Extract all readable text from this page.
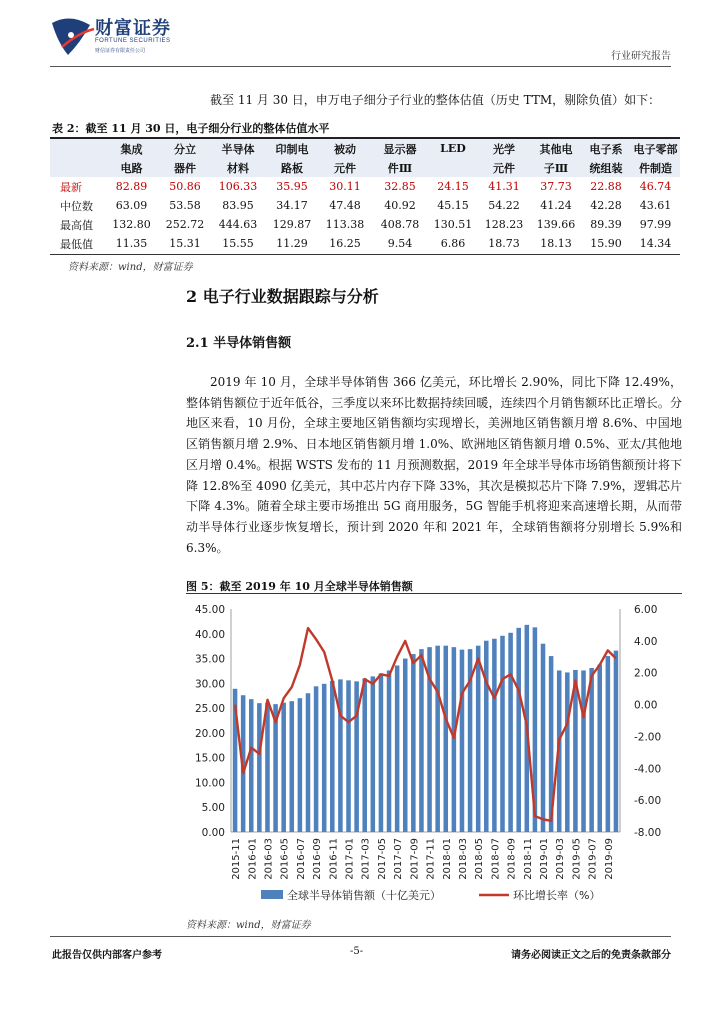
财富证券
FORTUNE SECURITIES
财信证券有限责任公司	行业研究报告
截至 11 月 30 日，申万电子细分子行业的整体估值（历史 TTM，剔除负值）如下：
表 2：截至 11 月 30 日，电子细分行业的整体估值水平
	集成	分立	半导体	印制电	被动	显示器	LED	光学	其他电	电子系	电子零部
	电路	器件	材料	路板	元件	件Ⅲ		元件	子Ⅲ	统组装	件制造
最新	82.89	50.86	106.33	35.95	30.11	32.85	24.15	41.31	37.73	22.88	46.74
中位数	63.09	53.58	83.95	34.17	47.48	40.92	45.15	54.22	41.24	42.28	43.61
最高值	132.80	252.72	444.63	129.87	113.38	408.78	130.51	128.23	139.66	89.39	97.99
最低值	11.35	15.31	15.55	11.29	16.25	9.54	6.86	18.73	18.13	15.90	14.34
资料来源：wind，财富证券
2 电子行业数据跟踪与分析
2.1 半导体销售额
2019 年 10 月，全球半导体销售 366 亿美元，环比增长 2.90%，同比下降 12.49%，整体销售额位于近年低谷，三季度以来环比数据持续回暖，连续四个月销售额环比正增长。分地区来看，10 月份，全球主要地区销售额均实现增长，美洲地区销售额月增 8.6%、中国地区销售额月增 2.9%、日本地区销售额月增 1.0%、欧洲地区销售额月增 0.5%、亚太/其他地区月增 0.4%。根据 WSTS 发布的 11 月预测数据，2019 年全球半导体市场销售额预计将下降 12.8%至 4090 亿美元，其中芯片内存下降 33%，其次是模拟芯片下降 7.9%，逻辑芯片下降 4.3%。随着全球主要市场推出 5G 商用服务，5G 智能手机将迎来高速增长期，从而带动半导体行业逐步恢复增长，预计到 2020 年和 2021 年，全球销售额将分别增长 5.9%和 6.3%。
图 5：截至 2019 年 10 月全球半导体销售额
0.00
5.00
10.00
15.00
20.00
25.00
30.00
35.00
40.00
45.00
-8.00
-6.00
-4.00
-2.00
0.00
2.00
4.00
6.00
2015-11 2016-01 2016-03 2016-05 2016-07 2016-09 2016-11 2017-01 2017-03 2017-05 2017-07 2017-09 2017-11 2018-01 2018-03 2018-05 2018-07 2018-09 2018-11 2019-01 2019-03 2019-05 2019-07 2019-09
全球半导体销售额（十亿美元）	环比增长率（%）
资料来源：wind，财富证券
此报告仅供内部客户参考	-5-	请务必阅读正文之后的免责条款部分
